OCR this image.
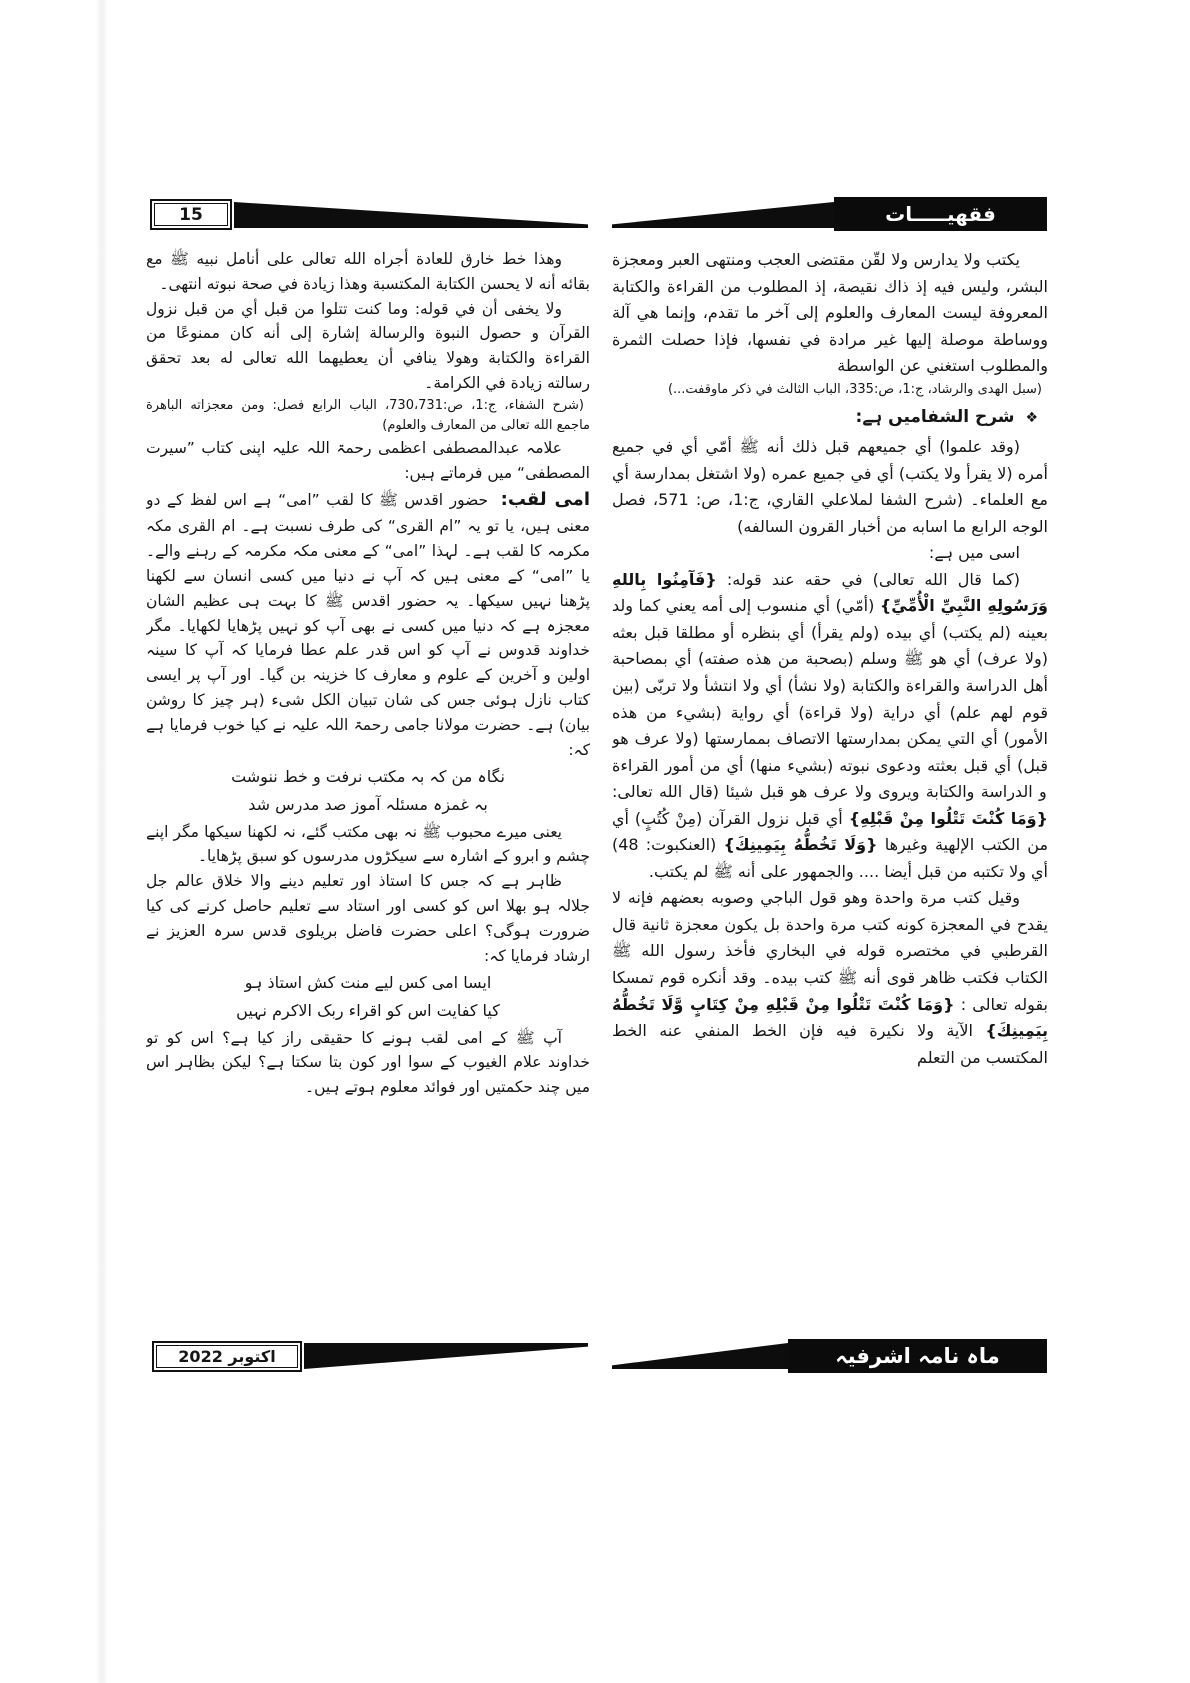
15	فقهيـــــات

يكتب ولا يدارس ولا لقّن مقتضى العجب ومنتهى العبر ومعجزة البشر، وليس فيه إذ ذاك نقيصة، إذ المطلوب من القراءة والكتابة المعروفة ليست المعارف والعلوم إلى آخر ما تقدم، وإنما هي آلة ووساطة موصلة إليها غير مرادة في نفسها، فإذا حصلت الثمرة والمطلوب استغني عن الواسطة

(سبل الهدى والرشاد، ج:1، ص:335، الباب الثالث في ذكر ماوقفت...)

❖ شرح الشفامیں ہے:

(وقد علموا) أي جميعهم قبل ذلك أنه ﷺ أمّي أي في جميع أمره (لا يقرأ ولا يكتب) أي في جميع عمره (ولا اشتغل بمدارسة أي مع العلماء۔ (شرح الشفا لملاعلي القاري، ج:1، ص: 571، فصل الوجه الرابع ما اسابه من أخبار القرون السالفه)

اسی میں ہے:

(كما قال الله تعالى) في حقه عند قوله: {فَآمِنُوا بِاللهِ وَرَسُولِهِ النَّبِيِّ الْأُمِّيِّ} (أمّي) أي منسوب إلى أمه يعني كما ولد بعينه (لم يكتب) أي بيده (ولم يقرأ) أي بنظره أو مطلقا قبل بعثه (ولا عرف) أي هو ﷺ وسلم (بصحبة من هذه صفته) أي بمصاحبة أهل الدراسة والقراءة والكتابة (ولا نشأ) أي ولا انتشأ ولا تربّى (بين قوم لهم علم) أي دراية (ولا قراءة) أي رواية (بشيء من هذه الأمور) أي التي يمكن بمدارستها الاتصاف بممارستها (ولا عرف هو قبل) أي قبل بعثته ودعوى نبوته (بشيء منها) أي من أمور القراءة و الدراسة والكتابة ويروى ولا عرف هو قبل شيئا (قال الله تعالى: {وَمَا كُنْتَ تَتْلُوا مِنْ قَبْلِهِ} أي قبل نزول القرآن (مِنْ كُتُبٍ) أي من الكتب الإلهية وغيرها {وَلَا تَخُطُّهُ بِيَمِينِكَ} (العنكبوت: 48) أي ولا تكتبه من قبل أيضا .... والجمهور على أنه ﷺ لم يكتب.

وقيل كتب مرة واحدة وهو قول الباجي وصوبه بعضهم فإنه لا يقدح في المعجزة كونه كتب مرة واحدة بل يكون معجزة ثانية قال القرطبي في مختصره قوله في البخاري فأخذ رسول الله ﷺ الكتاب فكتب ظاهر قوى أنه ﷺ كتب بيده۔ وقد أنكره قوم تمسكا بقوله تعالى : {وَمَا كُنْتَ تَتْلُوا مِنْ قَبْلِهِ مِنْ كِتَابٍ وَّلَا تَخُطُّهُ بِيَمِينِكَ} الآية ولا نكيرة فيه فإن الخط المنفي عنه الخط المكتسب من التعلم

وهذا خط خارق للعادة أجراه الله تعالى على أنامل نبيه ﷺ مع بقائه أنه لا يحسن الكتابة المكتسبة وهذا زيادة في صحة نبوته انتهى۔

ولا يخفى أن في قوله: وما كنت تتلوا من قبل أي من قبل نزول القرآن و حصول النبوة والرسالة إشارة إلى أنه كان ممنوعًا من القراءة والكتابة وهولا ينافي أن يعطيهما الله تعالى له بعد تحقق رسالته زيادة في الكرامة۔

(شرح الشفاء، ج:1، ص:730،731، الباب الرابع فصل: ومن معجزاته الباهرة ماجمع الله تعالى من المعارف والعلوم)

علامہ عبدالمصطفی اعظمی رحمۃ اللہ علیہ اپنی کتاب ”سیرت المصطفی“ میں فرماتے ہیں:

امی لقب: حضور اقدس ﷺ کا لقب ”امی“ ہے اس لفظ کے دو معنی ہیں، یا تو یہ ”ام القری“ کی طرف نسبت ہے۔ ام القری مکہ مکرمہ کا لقب ہے۔ لہذا ”امی“ کے معنی مکہ مکرمہ کے رہنے والے۔ یا ”امی“ کے معنی ہیں کہ آپ نے دنیا میں کسی انسان سے لکھنا پڑھنا نہیں سیکھا۔ یہ حضور اقدس ﷺ کا بہت ہی عظیم الشان معجزہ ہے کہ دنیا میں کسی نے بھی آپ کو نہیں پڑھایا لکھایا۔ مگر خداوند قدوس نے آپ کو اس قدر علم عطا فرمایا کہ آپ کا سینہ اولین و آخرین کے علوم و معارف کا خزینہ بن گیا۔ اور آپ پر ایسی کتاب نازل ہوئی جس کی شان تبیان الکل شیء (ہر چیز کا روشن بیان) ہے۔ حضرت مولانا جامی رحمۃ اللہ علیہ نے کیا خوب فرمایا ہے کہ:

نگاہ من کہ بہ مکتب نرفت و خط ننوشت

بہ غمزہ مسئلہ آموز صد مدرس شد

یعنی میرے محبوب ﷺ نہ بھی مکتب گئے، نہ لکھنا سیکھا مگر اپنے چشم و ابرو کے اشارہ سے سیکڑوں مدرسوں کو سبق پڑھایا۔

ظاہر ہے کہ جس کا استاذ اور تعلیم دینے والا خلاق عالم جل جلالہ ہو بھلا اس کو کسی اور استاد سے تعلیم حاصل کرنے کی کیا ضرورت ہوگی؟ اعلی حضرت فاضل بریلوی قدس سرہ العزیز نے ارشاد فرمایا کہ:

ایسا امی کس لیے منت کش استاذ ہو

کیا کفایت اس کو اقراء ربک الاکرم نہیں

آپ ﷺ کے امی لقب ہونے کا حقیقی راز کیا ہے؟ اس کو تو خداوند علام الغیوب کے سوا اور کون بتا سکتا ہے؟ لیکن بظاہر اس میں چند حکمتیں اور فوائد معلوم ہوتے ہیں۔

اکتوبر 2022	ماہ نامہ اشرفیہ
